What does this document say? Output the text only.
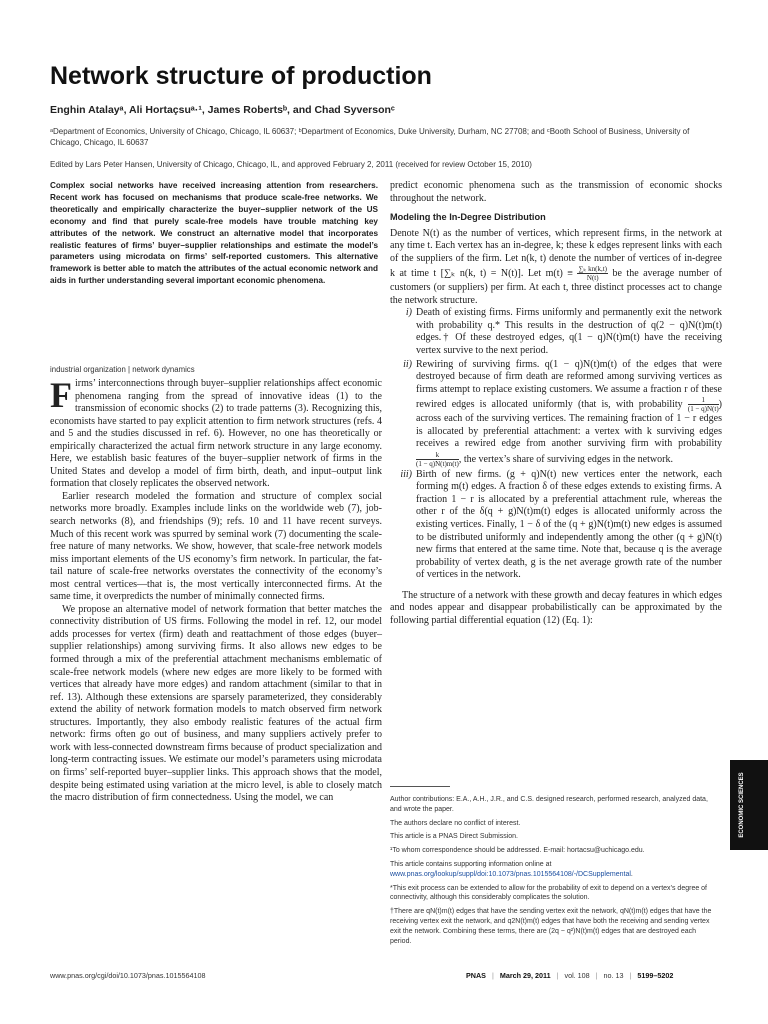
Network structure of production
Enghin Atalayᵃ, Ali Hortaçsuᵃ·¹, James Robertsᵇ, and Chad Syversonᶜ
ᵃDepartment of Economics, University of Chicago, Chicago, IL 60637; ᵇDepartment of Economics, Duke University, Durham, NC 27708; and ᶜBooth School of Business, University of Chicago, Chicago, IL 60637
Edited by Lars Peter Hansen, University of Chicago, Chicago, IL, and approved February 2, 2011 (received for review October 15, 2010)
Complex social networks have received increasing attention from researchers. Recent work has focused on mechanisms that produce scale-free networks. We theoretically and empirically characterize the buyer–supplier network of the US economy and find that purely scale-free models have trouble matching key attributes of the network. We construct an alternative model that incorporates realistic features of firms’ buyer–supplier relationships and estimate the model’s parameters using microdata on firms’ self-reported customers. This alternative framework is better able to match the attributes of the actual economic network and aids in further understanding several important economic phenomena.
industrial organization | network dynamics

Firms’ interconnections through buyer–supplier relationships affect economic phenomena ranging from the spread of innovative ideas (1) to the transmission of economic shocks (2) to trade patterns (3). Recognizing this, economists have started to pay explicit attention to firm network structures (refs. 4 and 5 and the studies discussed in ref. 6). However, no one has theoretically or empirically characterized the actual firm network structure in any large economy. Here, we establish basic features of the buyer–supplier network of firms in the United States and develop a model of firm birth, death, and input–output link formation that closely replicates the observed network.

Earlier research modeled the formation and structure of complex social networks more broadly. Examples include links on the worldwide web (7), job-search networks (8), and friendships (9); refs. 10 and 11 have recent surveys. Much of this recent work was spurred by seminal work (7) documenting the scale-free nature of many networks. We show, however, that scale-free network models miss important elements of the US economy’s firm network. In particular, the fat-tail nature of scale-free networks overstates the connectivity of the economy’s most central vertices—that is, the most vertically interconnected firms. At the same time, it overpredicts the number of minimally connected firms.

We propose an alternative model of network formation that better matches the connectivity distribution of US firms. Following the model in ref. 12, our model adds processes for vertex (firm) death and reattachment of those edges (buyer–supplier relationships) among surviving firms. It also allows new edges to be formed through a mix of the preferential attachment mechanisms emblematic of scale-free network models (where new edges are more likely to be formed with vertices that already have more edges) and random attachment (similar to that in ref. 13). Although these extensions are sparsely parameterized, they considerably extend the ability of network formation models to match observed firm network structures. Importantly, they also embody realistic features of the actual firm network: firms often go out of business, and many suppliers actively prefer to work with less-connected downstream firms because of product specialization and long-term contracting issues. We estimate our model’s parameters using microdata on firms’ self-reported buyer–supplier links. This approach shows that the model, despite being estimated using variation at the micro level, is able to closely match the macro distribution of firm connectedness. Using the model, we can

predict economic phenomena such as the transmission of economic shocks throughout the network.

Modeling the In-Degree Distribution

Denote N(t) as the number of vertices, which represent firms, in the network at any time t. Each vertex has an in-degree, k; these k edges represent links with each of the suppliers of the firm. Let n(k, t) denote the number of vertices of in-degree k at time t [∑ₖ n(k, t) = N(t)]. Let $m(t) \equiv \frac{\text{∑ₖ kn(k,t)}}{N(t)}$ be the average number of customers (or suppliers) per firm. At each t, three distinct processes act to change the network structure.

i) Death of existing firms. Firms uniformly and permanently exit the network with probability q.* This results in the destruction of q(2 − q)N(t)m(t) edges.† Of these destroyed edges, q(1 − q)N(t)m(t) have the receiving vertex survive to the next period.

ii) Rewiring of surviving firms. q(1 − q)N(t)m(t) of the edges that were destroyed because of firm death are reformed among surviving vertices as firms attempt to replace existing customers. We assume a fraction r of these rewired edges is allocated uniformly (that is, with probability $\frac{1}{(1 - q)N(t)}$ ) across each of the surviving vertices. The remaining fraction of 1 − r edges is allocated by preferential attachment: a vertex with k surviving edges receives a rewired edge from another surviving firm with probability
$\frac{k}{(1 - q)N(t)m(t)}$ , the vertex’s share of surviving edges in the network.

iii) Birth of new firms. (g + q)N(t) new vertices enter the network, each forming m(t) edges. A fraction δ of these edges extends to existing firms. A fraction 1 − r is allocated by a preferential attachment rule, whereas the other r of the δ(q + g)N(t)m(t) edges is allocated uniformly across the existing vertices. Finally, 1 − δ of the (q + g)N(t)m(t) new edges is assumed to be distributed uniformly and independently among the other (q + g)N(t) new firms that entered at the same time. Note that, because q is the average probability of vertex death, g is the net average growth rate of the number of vertices in the network.

The structure of a network with these growth and decay features in which edges and nodes appear and disappear probabilistically can be approximated by the following partial differential equation (12) (Eq. 1):

Author contributions: E.A., A.H., J.R., and C.S. designed research, performed research, analyzed data, and wrote the paper.

The authors declare no conflict of interest.

This article is a PNAS Direct Submission.

¹To whom correspondence should be addressed. E-mail: hortacsu@uchicago.edu.

This article contains supporting information online at www.pnas.org/lookup/suppl/doi:10.1073/pnas.1015564108/-/DCSupplemental.

*This exit process can be extended to allow for the probability of exit to depend on a vertex’s degree of connectivity, although this considerably complicates the solution.

†There are qN(t)m(t) edges that have the sending vertex exit the network, qN(t)m(t) edges that have the receiving vertex exit the network, and q2N(t)m(t) edges that have both the receiving and sending vertex exit the network. Combining these terms, there are (2q − q²)N(t)m(t) edges that are destroyed each period.

ECONOMIC SCIENCES
www.pnas.org/cgi/doi/10.1073/pnas.1015564108	PNAS | March 29, 2011 | vol. 108 | no. 13 | 5199–5202
